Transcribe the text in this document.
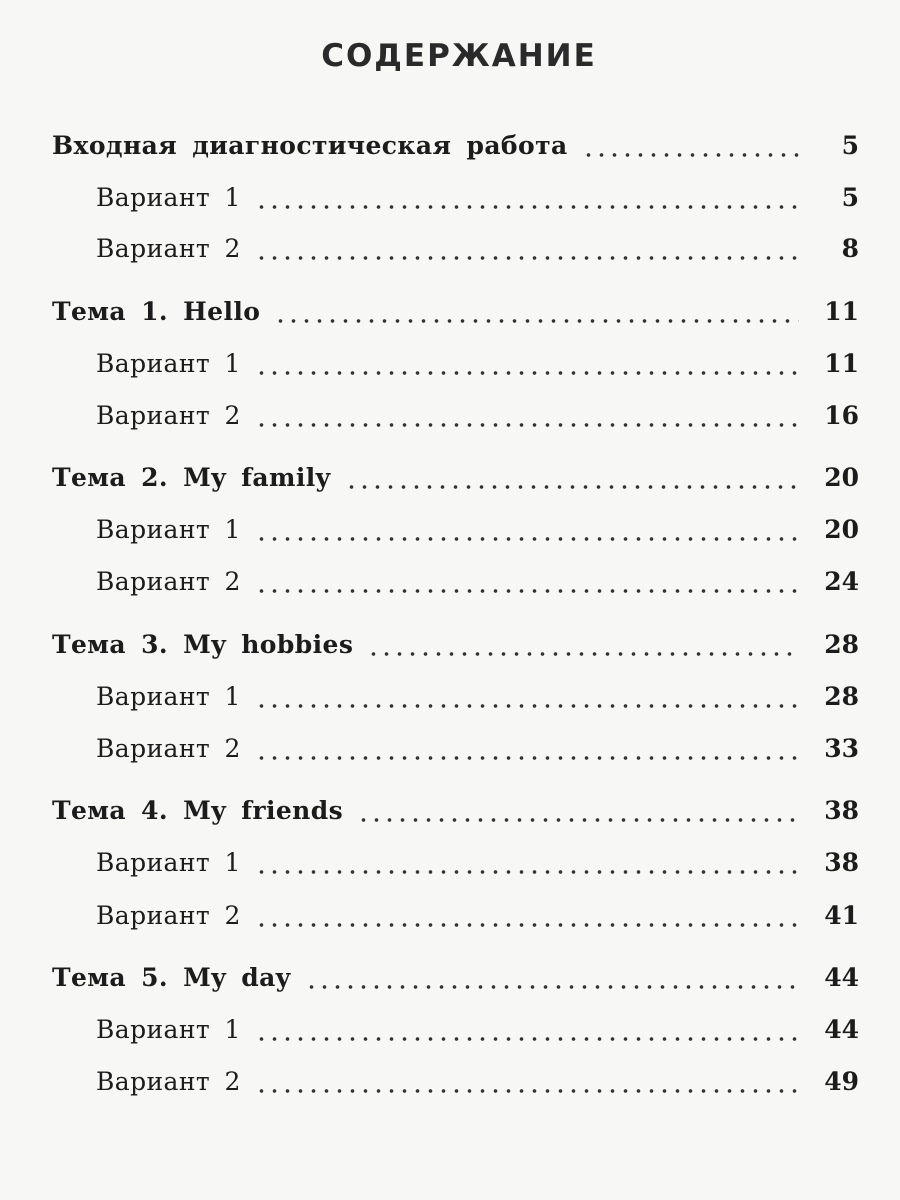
СОДЕРЖАНИЕ
Входная диагностическая работа	5
Вариант 1	5
Вариант 2	8
Тема 1. Hello	11
Вариант 1	11
Вариант 2	16
Тема 2. My family	20
Вариант 1	20
Вариант 2	24
Тема 3. My hobbies	28
Вариант 1	28
Вариант 2	33
Тема 4. My friends	38
Вариант 1	38
Вариант 2	41
Тема 5. My day	44
Вариант 1	44
Вариант 2	49
